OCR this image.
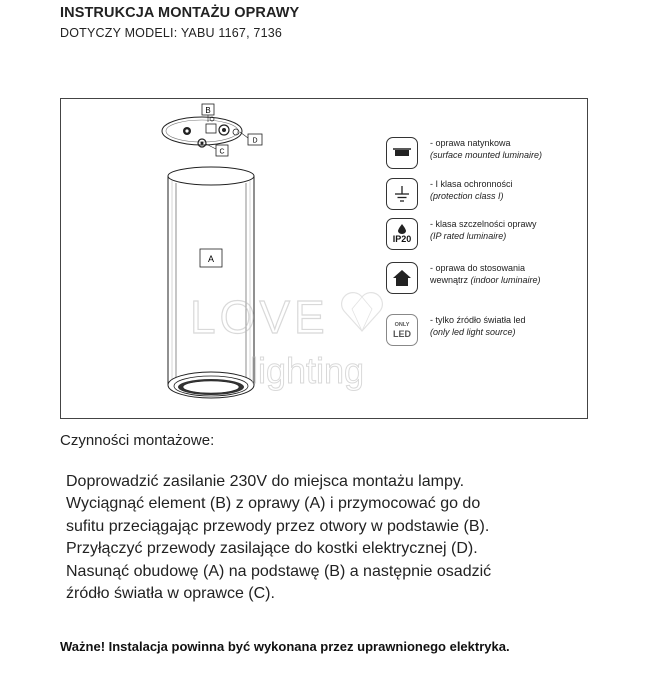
INSTRUKCJA MONTAŻU OPRAWY
DOTYCZY MODELI: YABU 1167, 7136
B
D
C
A
- oprawa natynkowa
(surface mounted luminaire)
- I klasa ochronności
(protection class I)
IP20
- klasa szczelności oprawy
(IP rated luminaire)
- oprawa do stosowania
wewnątrz (indoor luminaire)
ONLY
LED
- tylko źródło światła led
(only led light source)
LOVE
lighting
Czynności montażowe:
Doprowadzić zasilanie 230V do miejsca montażu lampy.
Wyciągnąć element (B) z oprawy (A) i przymocować go do
sufitu przeciągając przewody przez otwory w podstawie (B).
Przyłączyć przewody zasilające do kostki elektrycznej (D).
Nasunąć obudowę (A) na podstawę (B) a następnie osadzić
źródło światła w oprawce (C).
Ważne! Instalacja powinna być wykonana przez uprawnionego elektryka.
